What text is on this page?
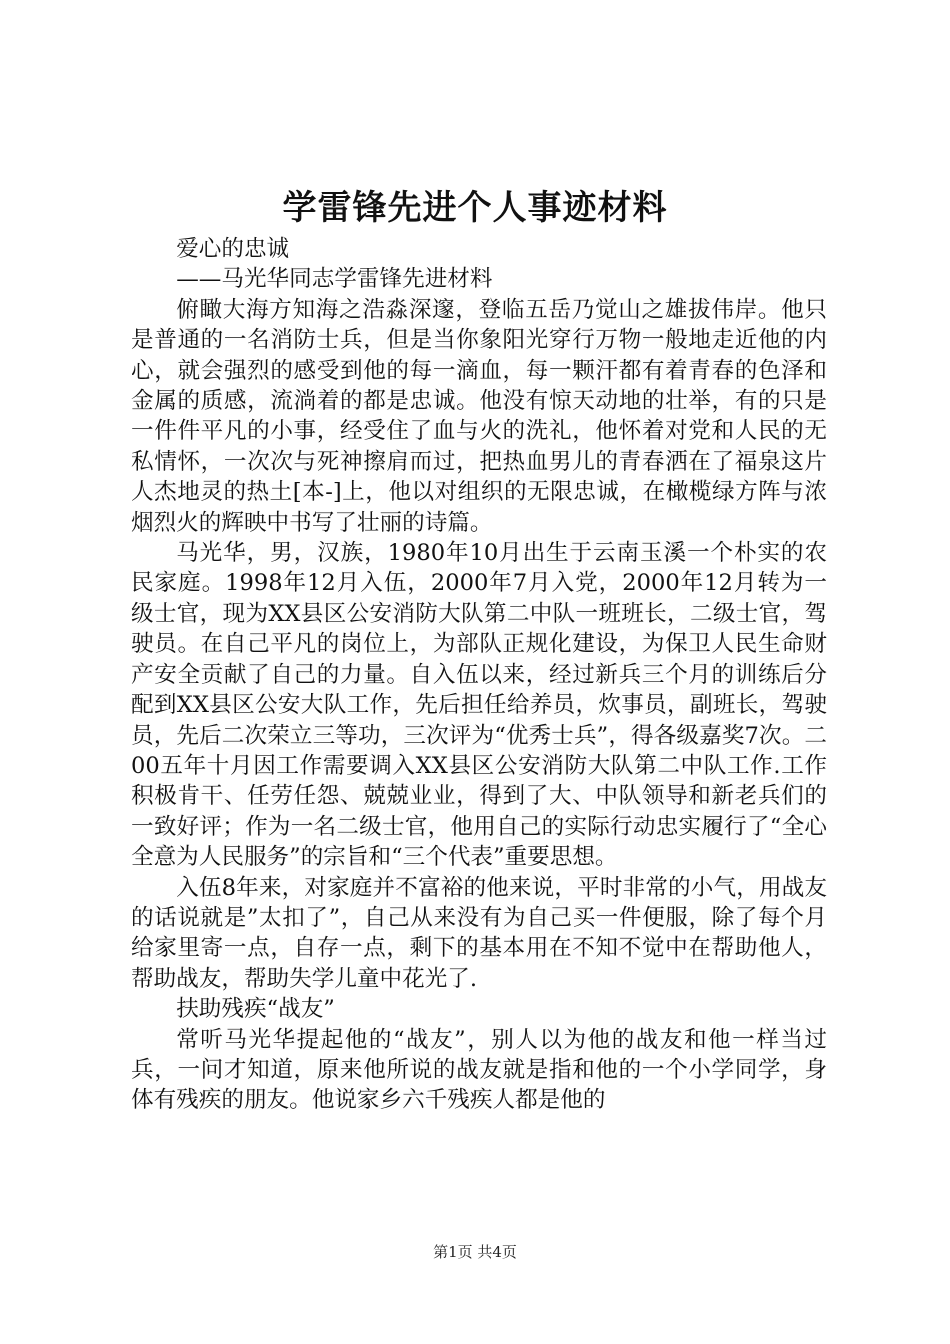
学雷锋先进个人事迹材料

爱心的忠诚

——马光华同志学雷锋先进材料

俯瞰大海方知海之浩淼深邃，登临五岳乃觉山之雄拔伟岸。他只是普通的一名消防士兵，但是当你象阳光穿行万物一般地走近他的内心，就会强烈的感受到他的每一滴血，每一颗汗都有着青春的色泽和金属的质感，流淌着的都是忠诚。他没有惊天动地的壮举，有的只是一件件平凡的小事，经受住了血与火的洗礼，他怀着对党和人民的无私情怀，一次次与死神擦肩而过，把热血男儿的青春洒在了福泉这片人杰地灵的热土[本-]上，他以对组织的无限忠诚，在橄榄绿方阵与浓烟烈火的辉映中书写了壮丽的诗篇。

马光华，男，汉族，1980年10月出生于云南玉溪一个朴实的农民家庭。1998年12月入伍，2000年7月入党，2000年12月转为一级士官，现为XX县区公安消防大队第二中队一班班长，二级士官，驾驶员。在自己平凡的岗位上，为部队正规化建设，为保卫人民生命财产安全贡献了自己的力量。自入伍以来，经过新兵三个月的训练后分配到XX县区公安大队工作，先后担任给养员，炊事员，副班长，驾驶员，先后二次荣立三等功，三次评为“优秀士兵”，得各级嘉奖7次。二00五年十月因工作需要调入XX县区公安消防大队第二中队工作.工作积极肯干、任劳任怨、兢兢业业，得到了大、中队领导和新老兵们的一致好评；作为一名二级士官，他用自己的实际行动忠实履行了“全心全意为人民服务”的宗旨和“三个代表”重要思想。

入伍8年来，对家庭并不富裕的他来说，平时非常的小气，用战友的话说就是”太扣了”，自己从来没有为自己买一件便服，除了每个月给家里寄一点，自存一点，剩下的基本用在不知不觉中在帮助他人，帮助战友，帮助失学儿童中花光了.

扶助残疾“战友”

常听马光华提起他的“战友”，别人以为他的战友和他一样当过兵，一问才知道，原来他所说的战友就是指和他的一个小学同学，身体有残疾的朋友。他说家乡六千残疾人都是他的

第1页 共4页
